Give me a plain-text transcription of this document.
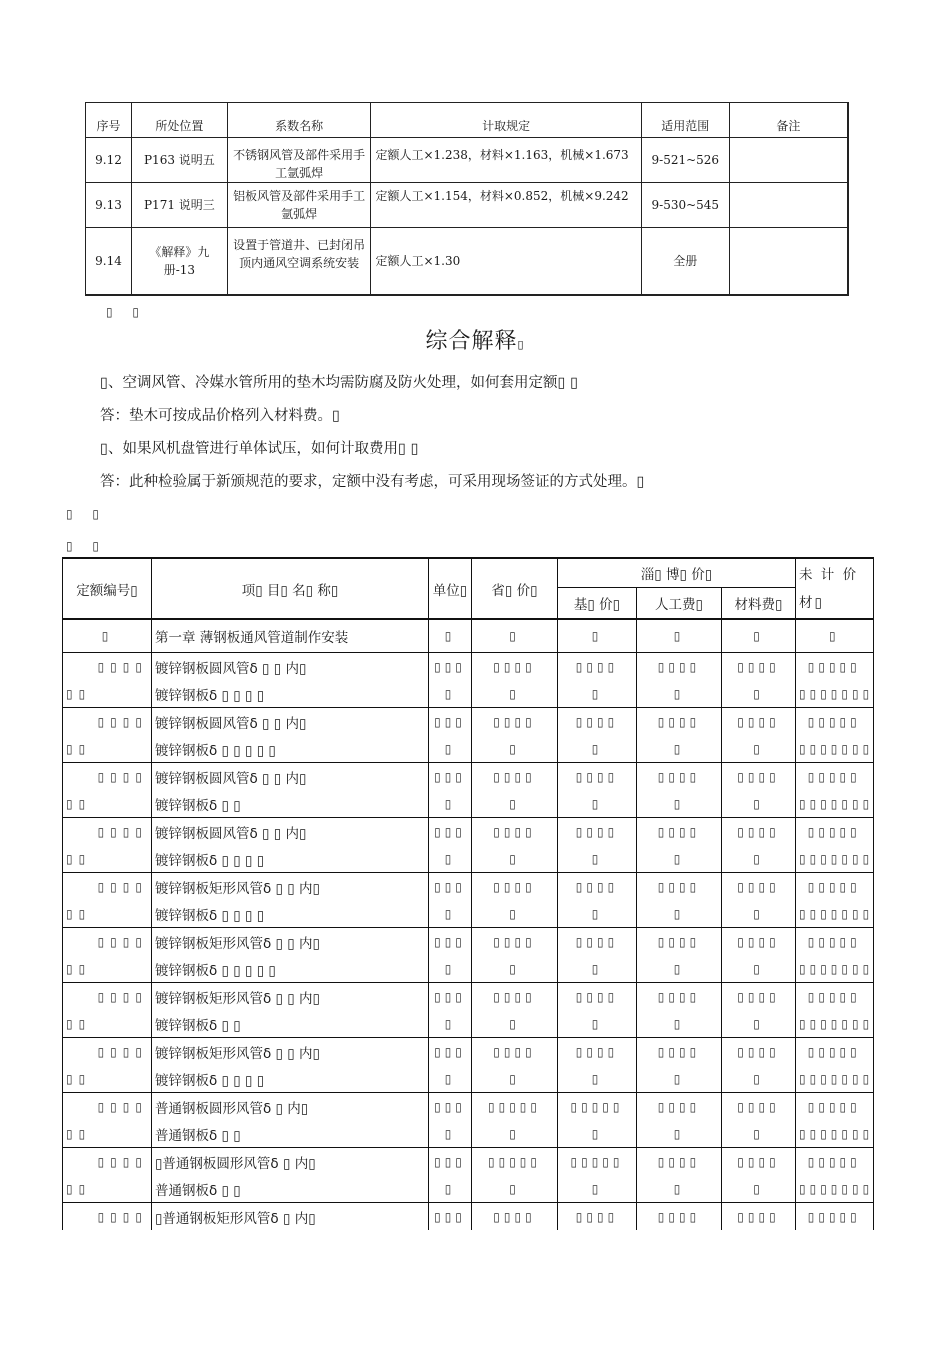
序号	所处位置	系数名称	计取规定	适用范围	备注
9.12	P163 说明五	不锈钢风管及部件采用手工氩弧焊	定额人工×1.238，材料×1.163，机械×1.673	9-521~526	
9.13	P171 说明三	铝板风管及部件采用手工氩弧焊	定额人工×1.154，材料×0.852，机械×9.242	9-530~545	
9.14	《解释》九册-13	设置于管道井、已封闭吊顶内通风空调系统安装	定额人工×1.30	全册	
▯ ▯
综合解释▯
▯、空调风管、冷媒水管所用的垫木均需防腐及防火处理，如何套用定额▯ ▯
答：垫木可按成品价格列入材料费。▯
▯、如果风机盘管进行单体试压，如何计取费用▯ ▯
答：此种检验属于新颁规范的要求，定额中没有考虑，可采用现场签证的方式处理。▯
▯ ▯
▯ ▯
定额编号▯	项▯ 目▯ 名▯ 称▯	单位▯	省▯ 价▯	淄▯ 博▯ 价▯			未 计 价 材▯
				基▯ 价▯	人工费▯	材料费▯	
▯	第一章 薄钢板通风管道制作安装	▯	▯	▯	▯	▯	▯
▯▯▯▯	镀锌钢板圆风管δ ▯ ▯ 内▯	▯▯▯	▯▯▯▯	▯▯▯▯	▯▯▯▯	▯▯▯▯	▯▯▯▯▯
▯▯	镀锌钢板δ ▯ ▯ ▯ ▯	▯	▯	▯	▯	▯	▯▯▯▯▯▯▯
▯▯▯▯	镀锌钢板圆风管δ ▯ ▯ 内▯	▯▯▯	▯▯▯▯	▯▯▯▯	▯▯▯▯	▯▯▯▯	▯▯▯▯▯
▯▯	镀锌钢板δ ▯ ▯ ▯ ▯ ▯	▯	▯	▯	▯	▯	▯▯▯▯▯▯▯
▯▯▯▯	镀锌钢板圆风管δ ▯ ▯ 内▯	▯▯▯	▯▯▯▯	▯▯▯▯	▯▯▯▯	▯▯▯▯	▯▯▯▯▯
▯▯	镀锌钢板δ ▯ ▯	▯	▯	▯	▯	▯	▯▯▯▯▯▯▯
▯▯▯▯	镀锌钢板圆风管δ ▯ ▯ 内▯	▯▯▯	▯▯▯▯	▯▯▯▯	▯▯▯▯	▯▯▯▯	▯▯▯▯▯
▯▯	镀锌钢板δ ▯ ▯ ▯ ▯	▯	▯	▯	▯	▯	▯▯▯▯▯▯▯
▯▯▯▯	镀锌钢板矩形风管δ ▯ ▯ 内▯	▯▯▯	▯▯▯▯	▯▯▯▯	▯▯▯▯	▯▯▯▯	▯▯▯▯▯
▯▯	镀锌钢板δ ▯ ▯ ▯ ▯	▯	▯	▯	▯	▯	▯▯▯▯▯▯▯
▯▯▯▯	镀锌钢板矩形风管δ ▯ ▯ 内▯	▯▯▯	▯▯▯▯	▯▯▯▯	▯▯▯▯	▯▯▯▯	▯▯▯▯▯
▯▯	镀锌钢板δ ▯ ▯ ▯ ▯ ▯	▯	▯	▯	▯	▯	▯▯▯▯▯▯▯
▯▯▯▯	镀锌钢板矩形风管δ ▯ ▯ 内▯	▯▯▯	▯▯▯▯	▯▯▯▯	▯▯▯▯	▯▯▯▯	▯▯▯▯▯
▯▯	镀锌钢板δ ▯ ▯	▯	▯	▯	▯	▯	▯▯▯▯▯▯▯
▯▯▯▯	镀锌钢板矩形风管δ ▯ ▯ 内▯	▯▯▯	▯▯▯▯	▯▯▯▯	▯▯▯▯	▯▯▯▯	▯▯▯▯▯
▯▯	镀锌钢板δ ▯ ▯ ▯ ▯	▯	▯	▯	▯	▯	▯▯▯▯▯▯▯
▯▯▯▯	普通钢板圆形风管δ ▯ 内▯	▯▯▯	▯▯▯▯▯	▯▯▯▯▯	▯▯▯▯	▯▯▯▯	▯▯▯▯▯
▯▯	普通钢板δ ▯ ▯	▯	▯	▯	▯	▯	▯▯▯▯▯▯▯
▯▯▯▯	▯普通钢板圆形风管δ ▯ 内▯	▯▯▯	▯▯▯▯▯	▯▯▯▯▯	▯▯▯▯	▯▯▯▯	▯▯▯▯▯
▯▯	普通钢板δ ▯ ▯	▯	▯	▯	▯	▯	▯▯▯▯▯▯▯
▯▯▯▯	▯普通钢板矩形风管δ ▯ 内▯	▯▯▯	▯▯▯▯	▯▯▯▯	▯▯▯▯	▯▯▯▯	▯▯▯▯▯
